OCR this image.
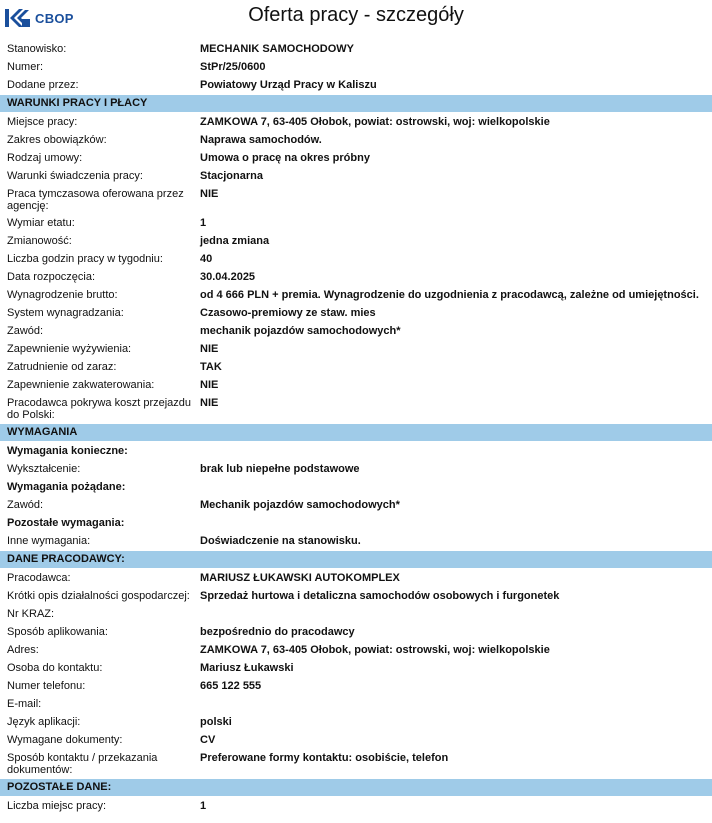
CBOP	Oferta pracy - szczegóły
Stanowisko:	MECHANIK SAMOCHODOWY
Numer:	StPr/25/0600
Dodane przez:	Powiatowy Urząd Pracy w Kaliszu
WARUNKI PRACY I PŁACY
Miejsce pracy:	ZAMKOWA 7, 63-405 Ołobok, powiat: ostrowski, woj: wielkopolskie
Zakres obowiązków:	Naprawa samochodów.
Rodzaj umowy:	Umowa o pracę na okres próbny
Warunki świadczenia pracy:	Stacjonarna
Praca tymczasowa oferowana przez agencję:
NIE
Wymiar etatu:	1
Zmianowość:	jedna zmiana
Liczba godzin pracy w tygodniu:	40
Data rozpoczęcia:	30.04.2025
Wynagrodzenie brutto:	od 4 666 PLN + premia. Wynagrodzenie do uzgodnienia z pracodawcą, zależne od umiejętności.
System wynagradzania:	Czasowo-premiowy ze staw. mies
Zawód:	mechanik pojazdów samochodowych*
Zapewnienie wyżywienia:	NIE
Zatrudnienie od zaraz:	TAK
Zapewnienie zakwaterowania:	NIE
Pracodawca pokrywa koszt przejazdu do Polski:
NIE
WYMAGANIA
Wymagania konieczne:
Wykształcenie:	brak lub niepełne podstawowe
Wymagania pożądane:
Zawód:	Mechanik pojazdów samochodowych*
Pozostałe wymagania:
Inne wymagania:	Doświadczenie na stanowisku.
DANE PRACODAWCY:
Pracodawca:	MARIUSZ ŁUKAWSKI AUTOKOMPLEX
Krótki opis działalności gospodarczej: Sprzedaż hurtowa i detaliczna samochodów osobowych i furgonetek
Nr KRAZ:
Sposób aplikowania:	bezpośrednio do pracodawcy
Adres:	ZAMKOWA 7, 63-405 Ołobok, powiat: ostrowski, woj: wielkopolskie
Osoba do kontaktu:	Mariusz Łukawski
Numer telefonu:	665 122 555
E-mail:
Język aplikacji:	polski
Wymagane dokumenty:	CV
Sposób kontaktu / przekazania dokumentów:
Preferowane formy kontaktu: osobiście, telefon
POZOSTAŁE DANE:
Liczba miejsc pracy:	1
